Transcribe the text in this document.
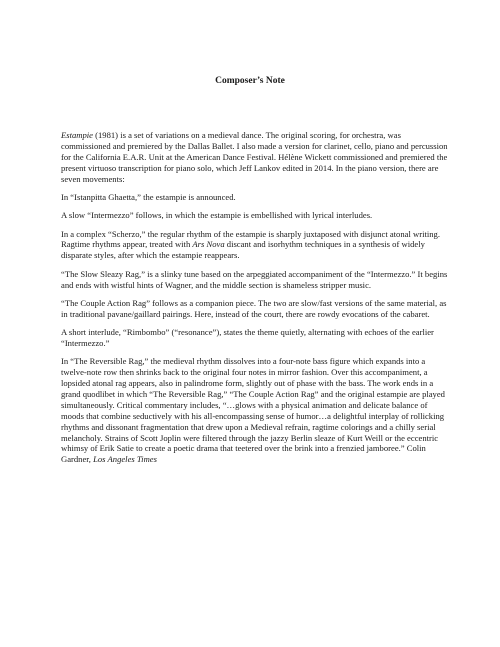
Composer’s Note

Estampie (1981) is a set of variations on a medieval dance. The original scoring, for orchestra, was commissioned and premiered by the Dallas Ballet. I also made a version for clarinet, cello, piano and percussion for the California E.A.R. Unit at the American Dance Festival. Hélène Wickett commissioned and premiered the present virtuoso transcription for piano solo, which Jeff Lankov edited in 2014. In the piano version, there are seven movements:

In “Istanpitta Ghaetta,” the estampie is announced.

A slow “Intermezzo” follows, in which the estampie is embellished with lyrical interludes.

In a complex “Scherzo,” the regular rhythm of the estampie is sharply juxtaposed with disjunct atonal writing. Ragtime rhythms appear, treated with Ars Nova discant and isorhythm techniques in a synthesis of widely disparate styles, after which the estampie reappears.

“The Slow Sleazy Rag,” is a slinky tune based on the arpeggiated accompaniment of the “Intermezzo.” It begins and ends with wistful hints of Wagner, and the middle section is shameless stripper music.

“The Couple Action Rag” follows as a companion piece. The two are slow/fast versions of the same material, as in traditional pavane/gaillard pairings. Here, instead of the court, there are rowdy evocations of the cabaret.

A short interlude, “Rimbombo” (“resonance”), states the theme quietly, alternating with echoes of the earlier “Intermezzo.”

In “The Reversible Rag,” the medieval rhythm dissolves into a four-note bass figure which expands into a twelve-note row then shrinks back to the original four notes in mirror fashion. Over this accompaniment, a lopsided atonal rag appears, also in palindrome form, slightly out of phase with the bass. The work ends in a grand quodlibet in which “The Reversible Rag,” “The Couple Action Rag” and the original estampie are played simultaneously. Critical commentary includes, “…glows with a physical animation and delicate balance of moods that combine seductively with his all-encompassing sense of humor…a delightful interplay of rollicking rhythms and dissonant fragmentation that drew upon a Medieval refrain, ragtime colorings and a chilly serial melancholy. Strains of Scott Joplin were filtered through the jazzy Berlin sleaze of Kurt Weill or the eccentric whimsy of Erik Satie to create a poetic drama that teetered over the brink into a frenzied jamboree.” Colin Gardner, Los Angeles Times
